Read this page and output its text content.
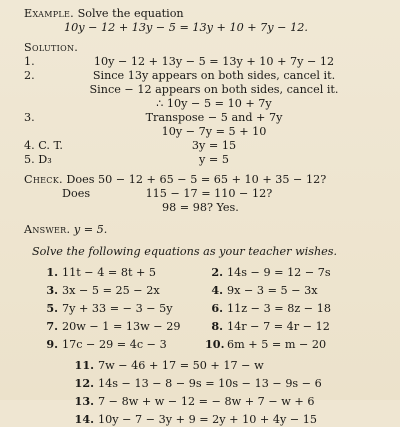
Example. Solve the equation
10y − 12 + 13y − 5 = 13y + 10 + 7y − 12.
Solution.
1.	10y − 12 + 13y − 5 = 13y + 10 + 7y − 12
2.	Since 13y appears on both sides, cancel it.
Since − 12 appears on both sides, cancel it.
∴ 10y − 5 = 10 + 7y
3.	Transpose − 5 and + 7y
10y − 7y = 5 + 10
4. C. T.	3y = 15
5. D₃	y = 5
Check. Does 50 − 12 + 65 − 5 = 65 + 10 + 35 − 12?
Does	115 − 17 = 110 − 12?
98 = 98? Yes.
Answer. y = 5.
Solve the following equations as your teacher wishes.
1. 11t − 4 = 8t + 5	2. 14s − 9 = 12 − 7s
3. 3x − 5 = 25 − 2x	4. 9x − 3 = 5 − 3x
5. 7y + 33 = − 3 − 5y	6. 11z − 3 = 8z − 18
7. 20w − 1 = 13w − 29	8. 14r − 7 = 4r − 12
9. 17c − 29 = 4c − 3	10. 6m + 5 = m − 20
11. 7w − 46 + 17 = 50 + 17 − w
12. 14s − 13 − 8 − 9s = 10s − 13 − 9s − 6
13. 7 − 8w + w − 12 = − 8w + 7 − w + 6
14. 10y − 7 − 3y + 9 = 2y + 10 + 4y − 15
